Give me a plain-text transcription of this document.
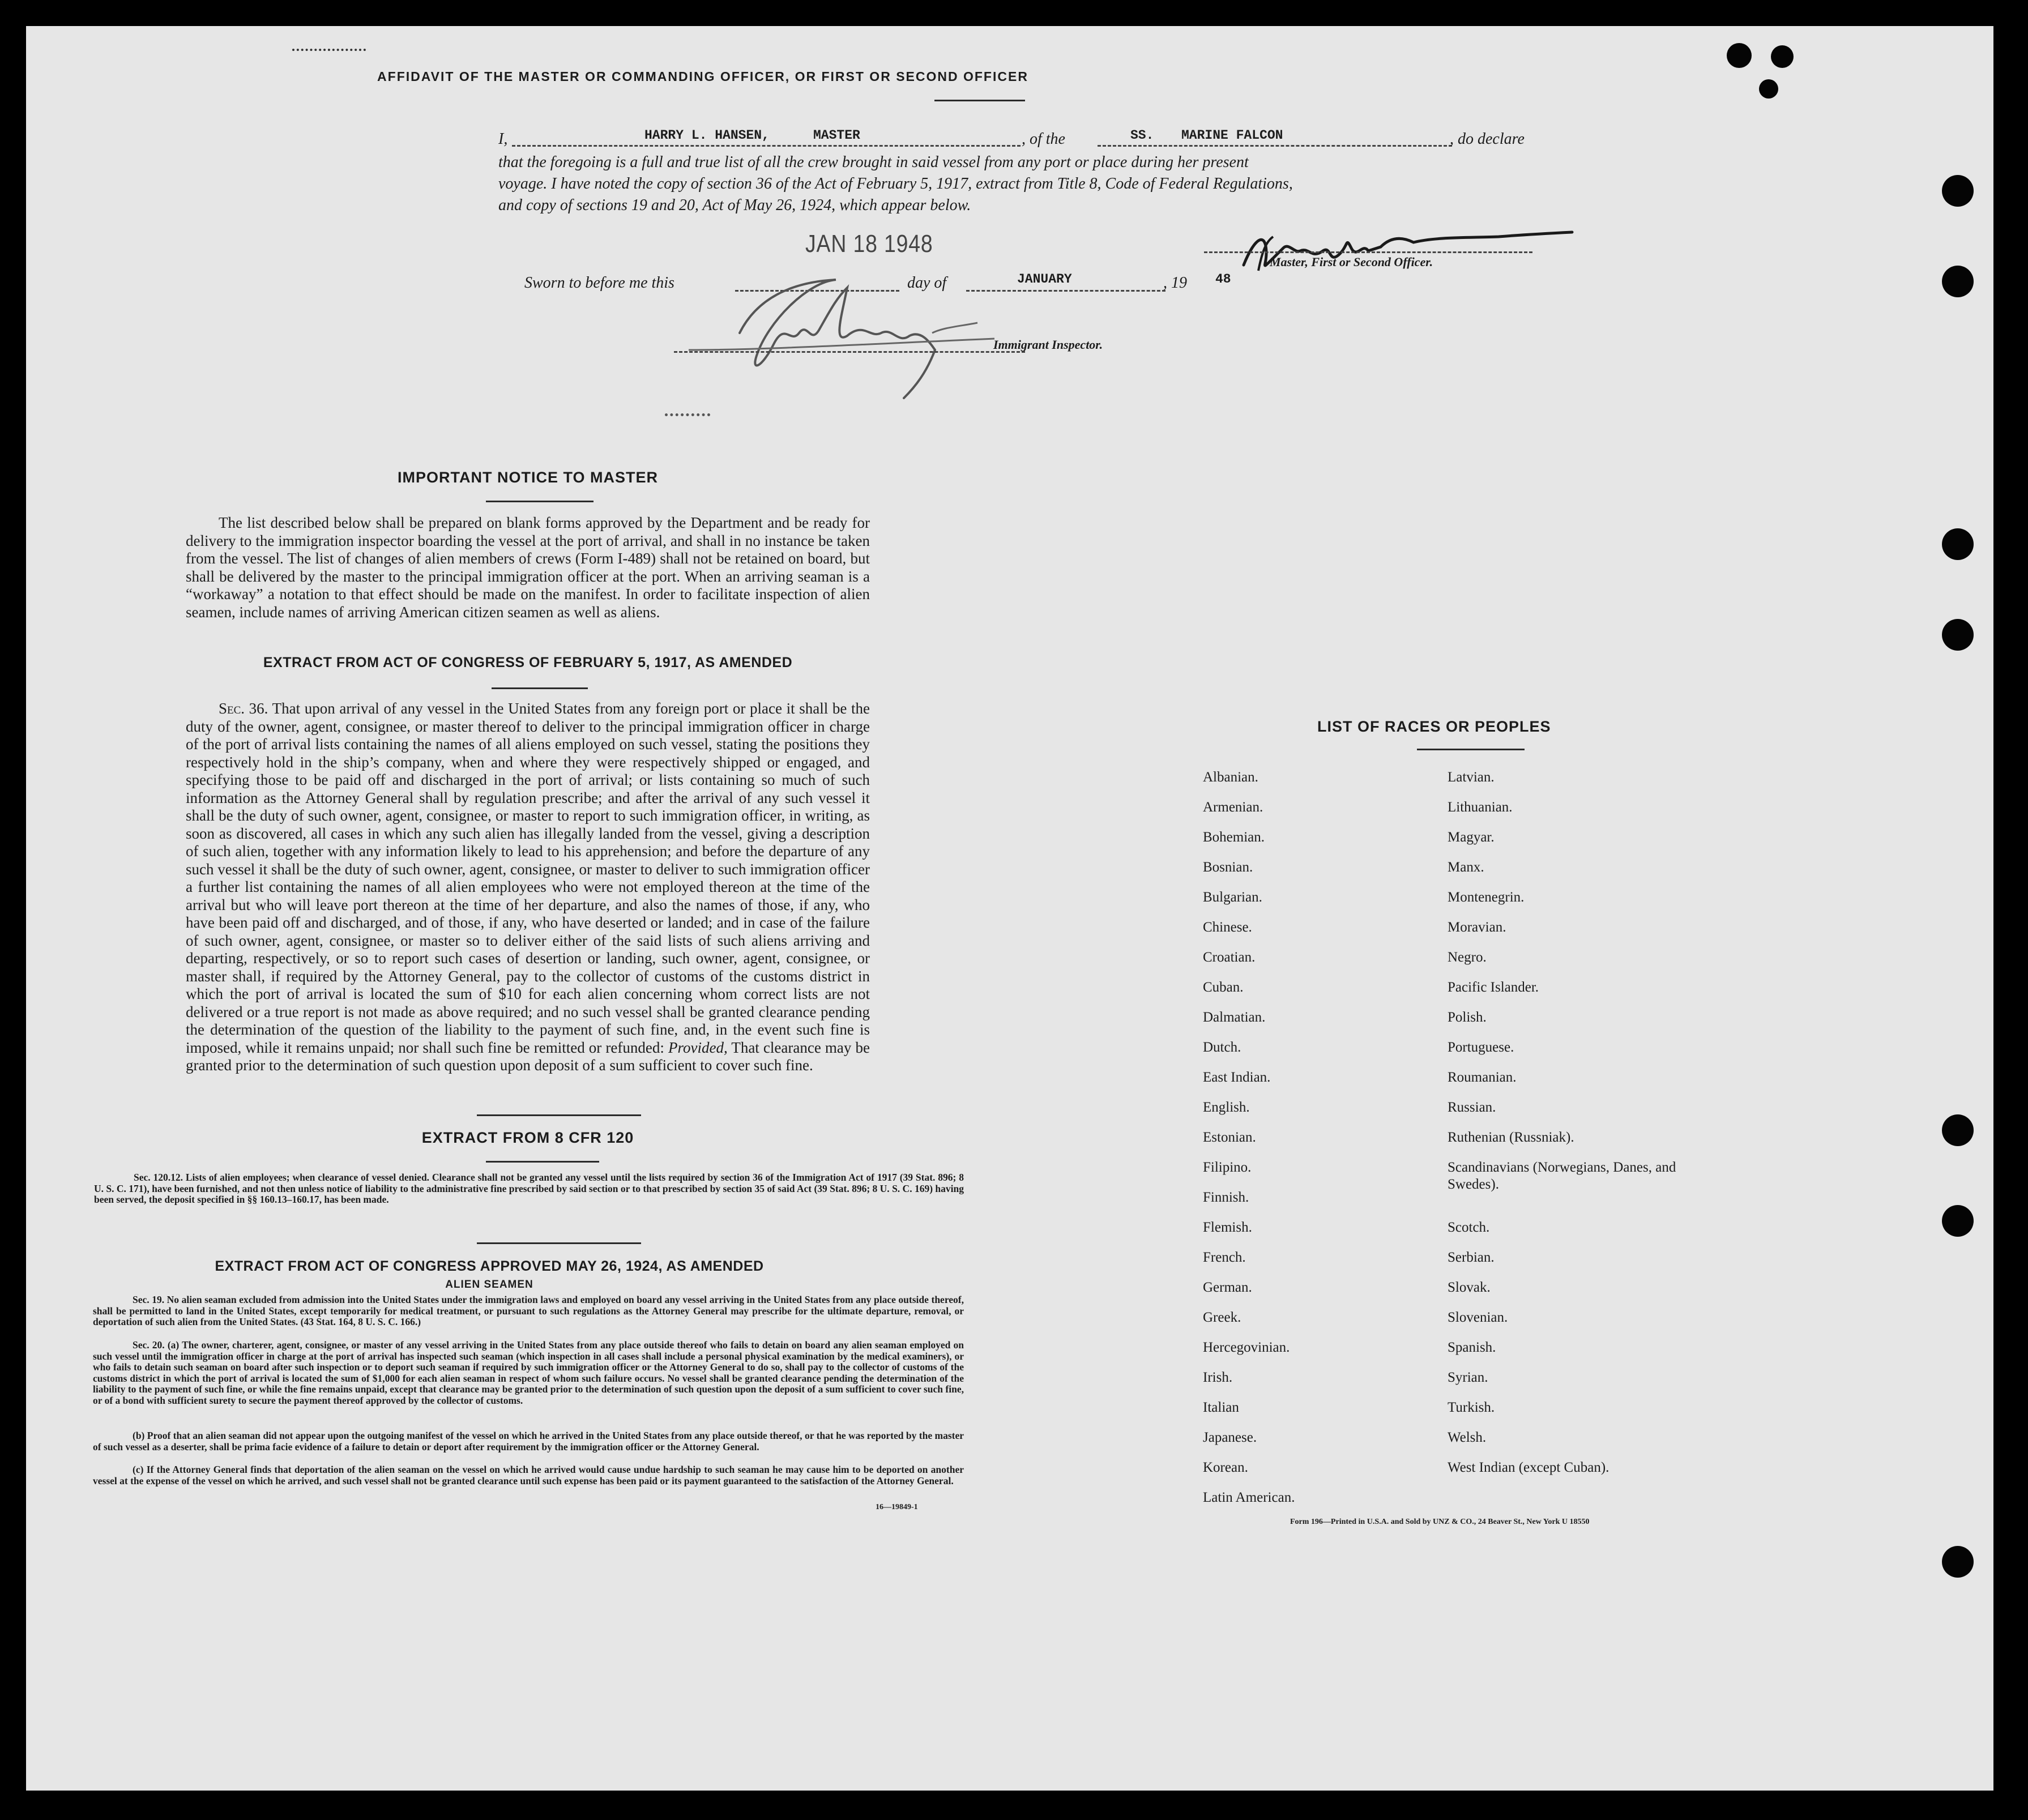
AFFIDAVIT OF THE MASTER OR COMMANDING OFFICER, OR FIRST OR SECOND OFFICER
I,	HARRY L. HANSEN,	MASTER	, of the	SS. MARINE FALCON	, do declare
that the foregoing is a full and true list of all the crew brought in said vessel from any port or place during her present
voyage. I have noted the copy of section 36 of the Act of February 5, 1917, extract from Title 8, Code of Federal Regulations,
and copy of sections 19 and 20, Act of May 26, 1924, which appear below.
JAN 18 1948
Master, First or Second Officer.
Sworn to before me this	day of	JANUARY	, 19 48
Immigrant Inspector.
IMPORTANT NOTICE TO MASTER
The list described below shall be prepared on blank forms approved by the Department and be ready for delivery to the immigration inspector boarding the vessel at the port of arrival, and shall in no instance be taken from the vessel. The list of changes of alien members of crews (Form I-489) shall not be retained on board, but shall be delivered by the master to the principal immigration officer at the port. When an arriving seaman is a “workaway” a notation to that effect should be made on the manifest. In order to facilitate inspection of alien seamen, include names of arriving American citizen seamen as well as aliens.
EXTRACT FROM ACT OF CONGRESS OF FEBRUARY 5, 1917, AS AMENDED
Sec. 36. That upon arrival of any vessel in the United States from any foreign port or place it shall be the duty of the owner, agent, consignee, or master thereof to deliver to the principal immigration officer in charge of the port of arrival lists containing the names of all aliens employed on such vessel, stating the positions they respectively hold in the ship’s company, when and where they were respectively shipped or engaged, and specifying those to be paid off and discharged in the port of arrival; or lists containing so much of such information as the Attorney General shall by regulation prescribe; and after the arrival of any such vessel it shall be the duty of such owner, agent, consignee, or master to report to such immigration officer, in writing, as soon as discovered, all cases in which any such alien has illegally landed from the vessel, giving a description of such alien, together with any information likely to lead to his apprehension; and before the departure of any such vessel it shall be the duty of such owner, agent, consignee, or master to deliver to such immigration officer a further list containing the names of all alien employees who were not employed thereon at the time of the arrival but who will leave port thereon at the time of her departure, and also the names of those, if any, who have been paid off and discharged, and of those, if any, who have deserted or landed; and in case of the failure of such owner, agent, consignee, or master so to deliver either of the said lists of such aliens arriving and departing, respectively, or so to report such cases of desertion or landing, such owner, agent, consignee, or master shall, if required by the Attorney General, pay to the collector of customs of the customs district in which the port of arrival is located the sum of $10 for each alien concerning whom correct lists are not delivered or a true report is not made as above required; and no such vessel shall be granted clearance pending the determination of the question of the liability to the payment of such fine, and, in the event such fine is imposed, while it remains unpaid; nor shall such fine be remitted or refunded: Provided, That clearance may be granted prior to the determination of such question upon deposit of a sum sufficient to cover such fine.
EXTRACT FROM 8 CFR 120
Sec. 120.12. Lists of alien employees; when clearance of vessel denied. Clearance shall not be granted any vessel until the lists required by section 36 of the Immigration Act of 1917 (39 Stat. 896; 8 U. S. C. 171), have been furnished, and not then unless notice of liability to the administrative fine prescribed by said section or to that prescribed by section 35 of said Act (39 Stat. 896; 8 U. S. C. 169) having been served, the deposit specified in §§ 160.13–160.17, has been made.
EXTRACT FROM ACT OF CONGRESS APPROVED MAY 26, 1924, AS AMENDED
ALIEN SEAMEN
Sec. 19. No alien seaman excluded from admission into the United States under the immigration laws and employed on board any vessel arriving in the United States from any place outside thereof, shall be permitted to land in the United States, except temporarily for medical treatment, or pursuant to such regulations as the Attorney General may prescribe for the ultimate departure, removal, or deportation of such alien from the United States. (43 Stat. 164, 8 U. S. C. 166.)
Sec. 20. (a) The owner, charterer, agent, consignee, or master of any vessel arriving in the United States from any place outside thereof who fails to detain on board any alien seaman employed on such vessel until the immigration officer in charge at the port of arrival has inspected such seaman (which inspection in all cases shall include a personal physical examination by the medical examiners), or who fails to detain such seaman on board after such inspection or to deport such seaman if required by such immigration officer or the Attorney General to do so, shall pay to the collector of customs of the customs district in which the port of arrival is located the sum of $1,000 for each alien seaman in respect of whom such failure occurs. No vessel shall be granted clearance pending the determination of the liability to the payment of such fine, or while the fine remains unpaid, except that clearance may be granted prior to the determination of such question upon the deposit of a sum sufficient to cover such fine, or of a bond with sufficient surety to secure the payment thereof approved by the collector of customs.
(b) Proof that an alien seaman did not appear upon the outgoing manifest of the vessel on which he arrived in the United States from any place outside thereof, or that he was reported by the master of such vessel as a deserter, shall be prima facie evidence of a failure to detain or deport after requirement by the immigration officer or the Attorney General.
(c) If the Attorney General finds that deportation of the alien seaman on the vessel on which he arrived would cause undue hardship to such seaman he may cause him to be deported on another vessel at the expense of the vessel on which he arrived, and such vessel shall not be granted clearance until such expense has been paid or its payment guaranteed to the satisfaction of the Attorney General.
16—19849-1
LIST OF RACES OR PEOPLES
Albanian.
Armenian.
Bohemian.
Bosnian.
Bulgarian.
Chinese.
Croatian.
Cuban.
Dalmatian.
Dutch.
East Indian.
English.
Estonian.
Filipino.
Finnish.
Flemish.
French.
German.
Greek.
Hercegovinian.
Irish.
Italian
Japanese.
Korean.
Latin American.
Latvian.
Lithuanian.
Magyar.
Manx.
Montenegrin.
Moravian.
Negro.
Pacific Islander.
Polish.
Portuguese.
Roumanian.
Russian.
Ruthenian (Russniak).
Scandinavians (Norwegians, Danes, and Swedes).
Scotch.
Serbian.
Slovak.
Slovenian.
Spanish.
Syrian.
Turkish.
Welsh.
West Indian (except Cuban).
Form 196—Printed in U.S.A. and Sold by UNZ & CO., 24 Beaver St., New York U 18550
